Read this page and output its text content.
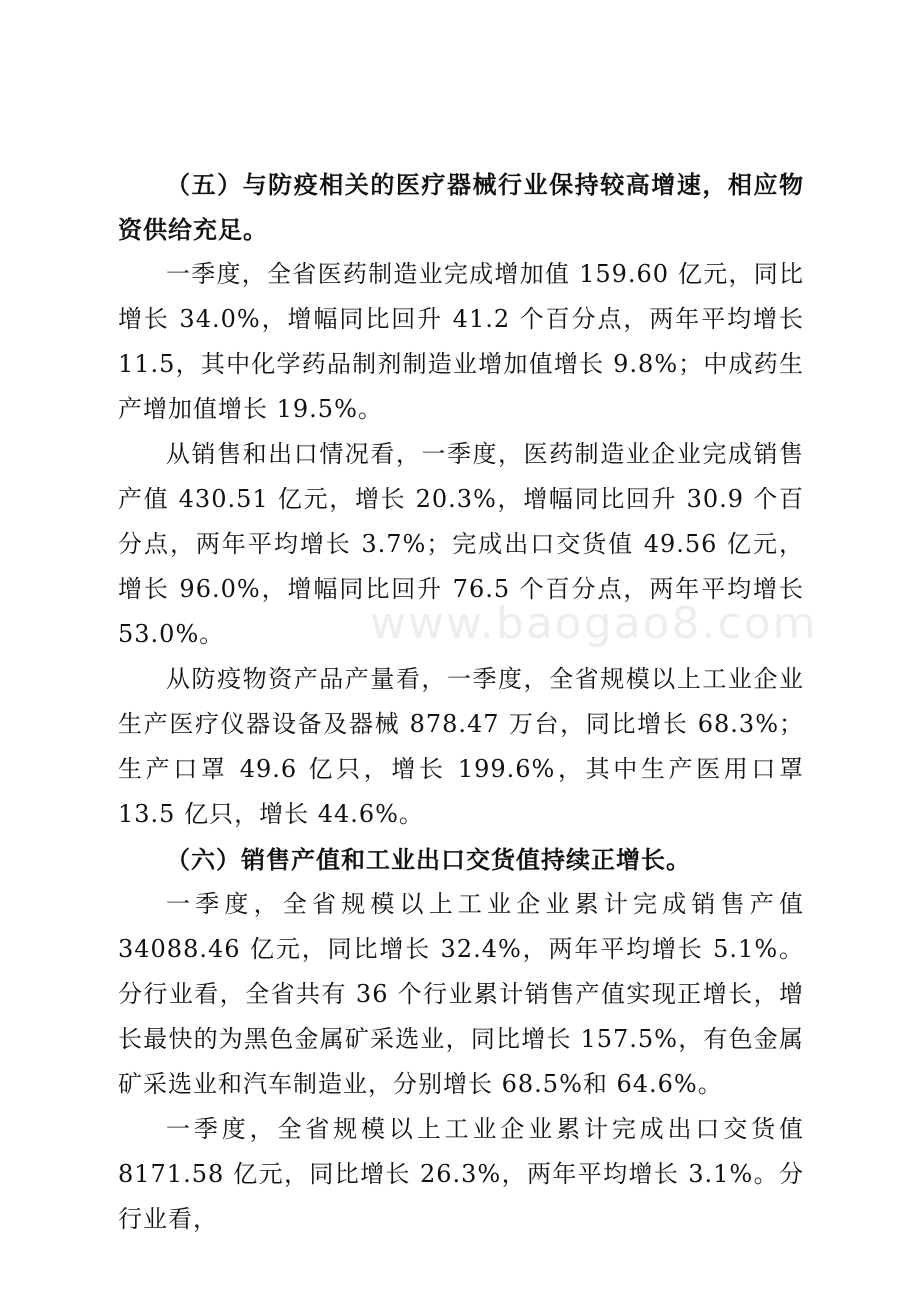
（五）与防疫相关的医疗器械行业保持较高增速，相应物资供给充足。

一季度，全省医药制造业完成增加值 159.60 亿元，同比增长 34.0%，增幅同比回升 41.2 个百分点，两年平均增长 11.5，其中化学药品制剂制造业增加值增长 9.8%；中成药生产增加值增长 19.5%。

从销售和出口情况看，一季度，医药制造业企业完成销售产值 430.51 亿元，增长 20.3%，增幅同比回升 30.9 个百分点，两年平均增长 3.7%；完成出口交货值 49.56 亿元，增长 96.0%，增幅同比回升 76.5 个百分点，两年平均增长 53.0%。

从防疫物资产品产量看，一季度，全省规模以上工业企业生产医疗仪器设备及器械 878.47 万台，同比增长 68.3%；生产口罩 49.6 亿只，增长 199.6%，其中生产医用口罩 13.5 亿只，增长 44.6%。

（六）销售产值和工业出口交货值持续正增长。

一季度，全省规模以上工业企业累计完成销售产值 34088.46 亿元，同比增长 32.4%，两年平均增长 5.1%。分行业看，全省共有 36 个行业累计销售产值实现正增长，增长最快的为黑色金属矿采选业，同比增长 157.5%，有色金属矿采选业和汽车制造业，分别增长 68.5%和 64.6%。

一季度，全省规模以上工业企业累计完成出口交货值 8171.58 亿元，同比增长 26.3%，两年平均增长 3.1%。分行业看，

www.baogao8.com
